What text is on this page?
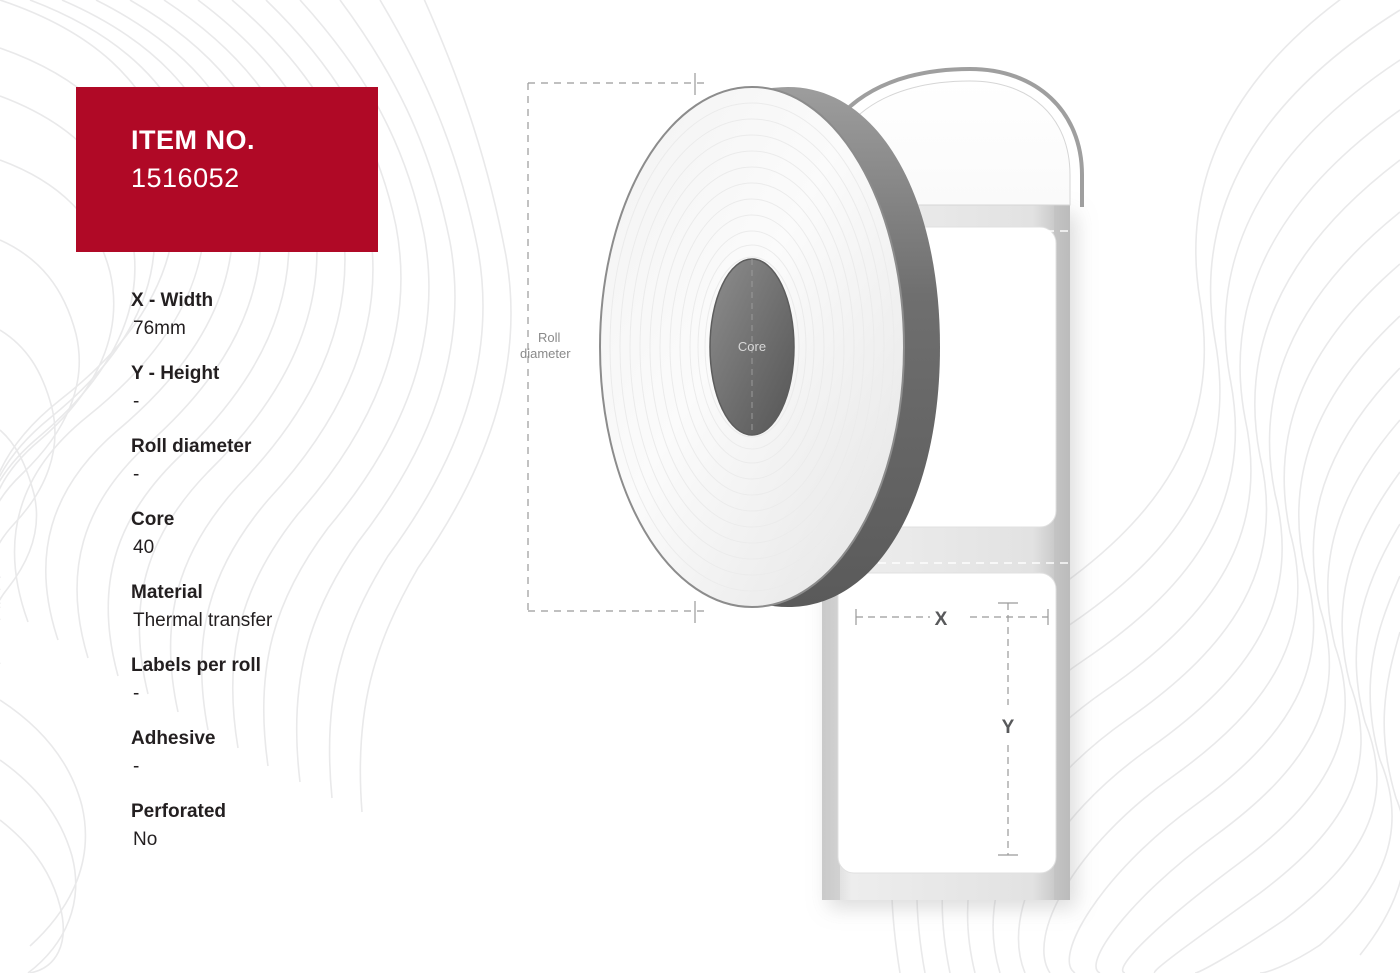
ITEM NO.
1516052
X - Width
76mm
Y - Height
-
Roll diameter
-
Core
40
Material
Thermal transfer
Labels per roll
-
Adhesive
-
Perforated
No
Roll
diameter
X
Y
Core
